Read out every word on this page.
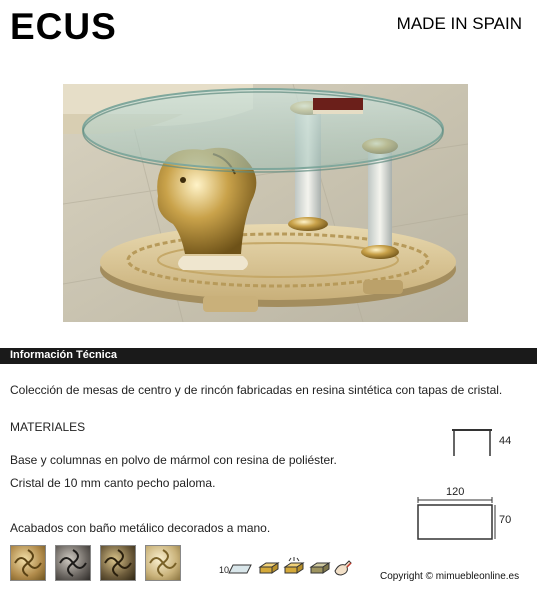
ECUS	MADE IN SPAIN
Información Técnica
Colección de mesas de centro y de rincón fabricadas en resina sintética con tapas de cristal.
MATERIALES
Base y columnas en polvo de mármol con resina de poliéster.
Cristal de 10 mm canto pecho paloma.
Acabados con baño metálico decorados a mano.
44
120
70
10
Copyright © mimuebleonline.es
